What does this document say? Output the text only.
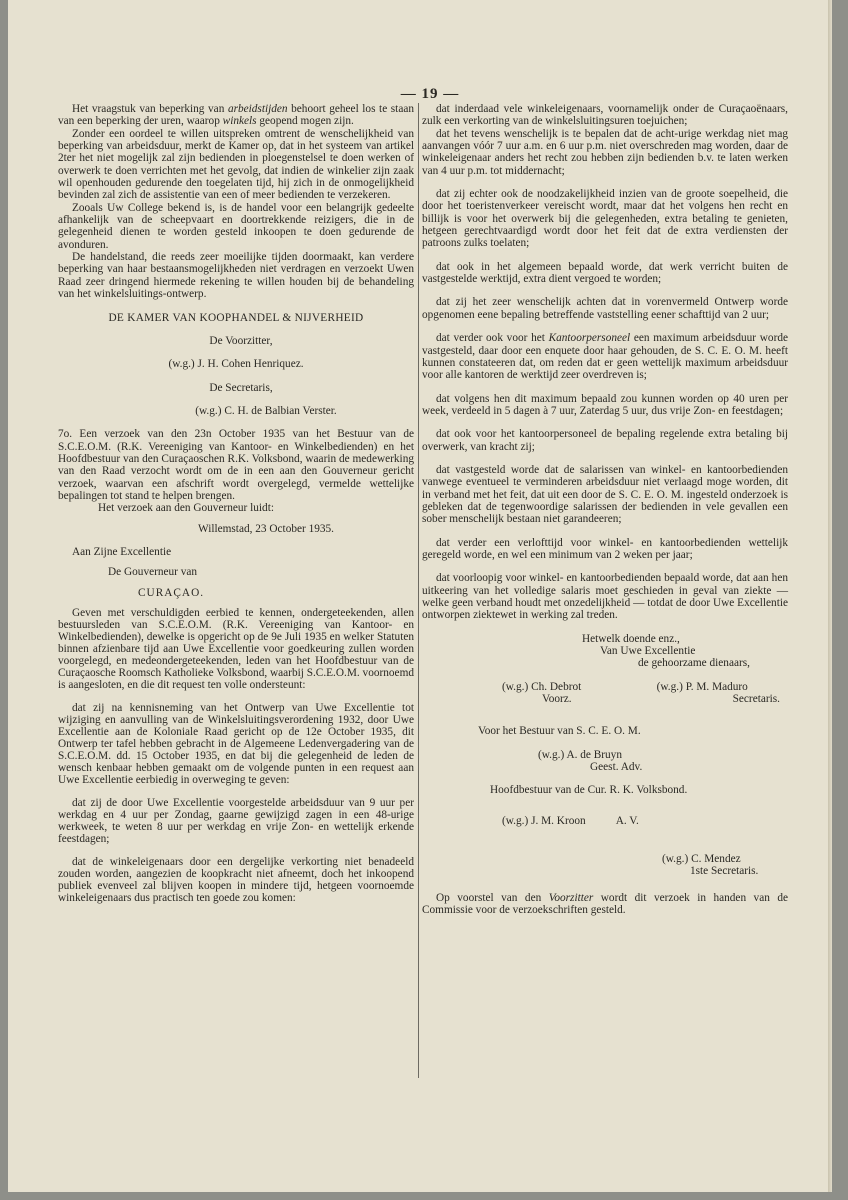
— 19 —

Het vraagstuk van beperking van arbeidstijden behoort geheel los te staan van een beperking der uren, waarop winkels geopend mogen zijn.

Zonder een oordeel te willen uitspreken omtrent de wenschelijkheid van beperking van arbeidsduur, merkt de Kamer op, dat in het systeem van artikel 2ter het niet mogelijk zal zijn bedienden in ploegenstelsel te doen werken of overwerk te doen verrichten met het gevolg, dat indien de winkelier zijn zaak wil openhouden gedurende den toegelaten tijd, hij zich in de onmogelijkheid bevinden zal zich de assistentie van een of meer bedienden te verzekeren.

Zooals Uw College bekend is, is de handel voor een belangrijk gedeelte afhankelijk van de scheepvaart en doortrekkende reizigers, die in de gelegenheid dienen te worden gesteld inkoopen te doen gedurende de avonduren.

De handelstand, die reeds zeer moeilijke tijden doormaakt, kan verdere beperking van haar bestaansmogelijkheden niet verdragen en verzoekt Uwen Raad zeer dringend hiermede rekening te willen houden bij de behandeling van het winkelsluitings-ontwerp.

DE KAMER VAN KOOPHANDEL & NIJVERHEID

De Voorzitter,

(w.g.) J. H. Cohen Henriquez.

De Secretaris,

(w.g.) C. H. de Balbian Verster.

7o. Een verzoek van den 23n October 1935 van het Bestuur van de S.C.E.O.M. (R.K. Vereeniging van Kantoor- en Winkelbedienden) en het Hoofdbestuur van den Curaçaoschen R.K. Volksbond, waarin de medewerking van den Raad verzocht wordt om de in een aan den Gouverneur gericht verzoek, waarvan een afschrift wordt overgelegd, vermelde wettelijke bepalingen tot stand te helpen brengen.

Het verzoek aan den Gouverneur luidt:

Willemstad, 23 October 1935.

Aan Zijne Excellentie

De Gouverneur van

CURAÇAO.

Geven met verschuldigden eerbied te kennen, ondergeteekenden, allen bestuursleden van S.C.E.O.M. (R.K. Vereeniging van Kantoor- en Winkelbedienden), dewelke is opgericht op de 9e Juli 1935 en welker Statuten binnen afzienbare tijd aan Uwe Excellentie voor goedkeuring zullen worden voorgelegd, en medeondergeteekenden, leden van het Hoofdbestuur van de Curaçaosche Roomsch Katholieke Volksbond, waarbij S.C.E.O.M. voornoemd is aangesloten, en die dit request ten volle ondersteunt:

dat zij na kennisneming van het Ontwerp van Uwe Excellentie tot wijziging en aanvulling van de Winkelsluitingsverordening 1932, door Uwe Excellentie aan de Koloniale Raad gericht op de 12e October 1935, dit Ontwerp ter tafel hebben gebracht in de Algemeene Ledenvergadering van de S.C.E.O.M. dd. 15 October 1935, en dat bij die gelegenheid de leden de wensch kenbaar hebben gemaakt om de volgende punten in een request aan Uwe Excellentie eerbiedig in overweging te geven:

dat zij de door Uwe Excellentie voorgestelde arbeidsduur van 9 uur per werkdag en 4 uur per Zondag, gaarne gewijzigd zagen in een 48-urige werkweek, te weten 8 uur per werkdag en vrije Zon- en wettelijk erkende feestdagen;

dat de winkeleigenaars door een dergelijke verkorting niet benadeeld zouden worden, aangezien de koopkracht niet afneemt, doch het inkoopend publiek evenveel zal blijven koopen in mindere tijd, hetgeen voornoemde winkeleigenaars dus practisch ten goede zou komen:

dat inderdaad vele winkeleigenaars, voornamelijk onder de Curaçaoënaars, zulk een verkorting van de winkelsluitingsuren toejuichen;

dat het tevens wenschelijk is te bepalen dat de acht-urige werkdag niet mag aanvangen vóór 7 uur a.m. en 6 uur p.m. niet overschreden mag worden, daar de winkeleigenaar anders het recht zou hebben zijn bedienden b.v. te laten werken van 4 uur p.m. tot middernacht;

dat zij echter ook de noodzakelijkheid inzien van de groote soepelheid, die door het toeristenverkeer vereischt wordt, maar dat het volgens hen recht en billijk is voor het overwerk bij die gelegenheden, extra betaling te genieten, hetgeen gerechtvaardigd wordt door het feit dat de extra verdiensten der patroons zulks toelaten;

dat ook in het algemeen bepaald worde, dat werk verricht buiten de vastgestelde werktijd, extra dient vergoed te worden;

dat zij het zeer wenschelijk achten dat in vorenvermeld Ontwerp worde opgenomen eene bepaling betreffende vaststelling eener schafttijd van 2 uur;

dat verder ook voor het Kantoorpersoneel een maximum arbeidsduur worde vastgesteld, daar door een enquete door haar gehouden, de S. C. E. O. M. heeft kunnen constateeren dat, om reden dat er geen wettelijk maximum arbeidsduur voor alle kantoren de werktijd zeer overdreven is;

dat volgens hen dit maximum bepaald zou kunnen worden op 40 uren per week, verdeeld in 5 dagen à 7 uur, Zaterdag 5 uur, dus vrije Zon- en feestdagen;

dat ook voor het kantoorpersoneel de bepaling regelende extra betaling bij overwerk, van kracht zij;

dat vastgesteld worde dat de salarissen van winkel- en kantoorbedienden vanwege eventueel te verminderen arbeidsduur niet verlaagd moge worden, dit in verband met het feit, dat uit een door de S. C. E. O. M. ingesteld onderzoek is gebleken dat de tegenwoordige salarissen der bedienden in vele gevallen een sober menschelijk bestaan niet garandeeren;

dat verder een verlofttijd voor winkel- en kantoorbedienden wettelijk geregeld worde, en wel een minimum van 2 weken per jaar;

dat voorloopig voor winkel- en kantoorbedienden bepaald worde, dat aan hen uitkeering van het volledige salaris moet geschieden in geval van ziekte — welke geen verband houdt met onzedelijkheid — totdat de door Uwe Excellentie ontworpen ziektewet in werking zal treden.

Hetwelk doende enz.,

Van Uwe Excellentie

de gehoorzame dienaars,

(w.g.) Ch. Debrot

Voorz.

(w.g.) P. M. Maduro

Secretaris.

Voor het Bestuur van S. C. E. O. M.

(w.g.) A. de Bruyn

Geest. Adv.

Hoofdbestuur van de Cur. R. K. Volksbond.

(w.g.) J. M. Kroon	A. V.

(w.g.) C. Mendez

1ste Secretaris.

Op voorstel van den Voorzitter wordt dit verzoek in handen van de Commissie voor de verzoekschriften gesteld.
